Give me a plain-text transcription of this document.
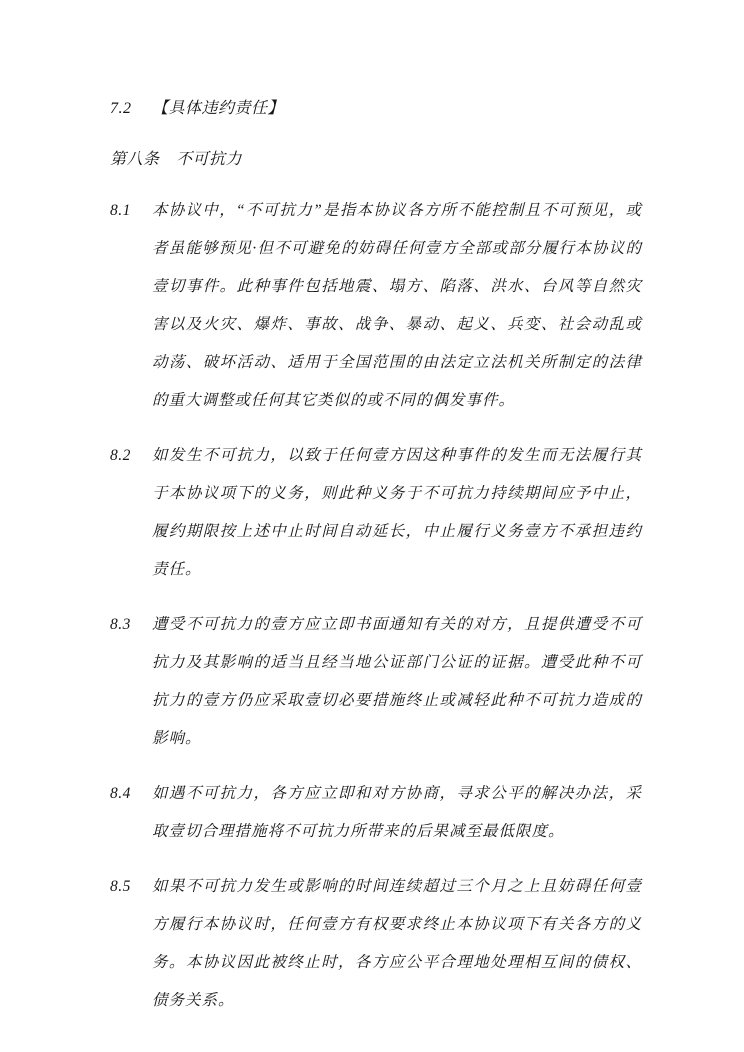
7.2	【具体违约责任】
第八条	不可抗力
8.1	本协议中，“不可抗力”是指本协议各方所不能控制且不可预见，或者虽能够预见·但不可避免的妨碍任何壹方全部或部分履行本协议的壹切事件。此种事件包括地震、塌方、陷落、洪水、台风等自然灾害以及火灾、爆炸、事故、战争、暴动、起义、兵变、社会动乱或动荡、破坏活动、适用于全国范围的由法定立法机关所制定的法律的重大调整或任何其它类似的或不同的偶发事件。
8.2	如发生不可抗力，以致于任何壹方因这种事件的发生而无法履行其于本协议项下的义务，则此种义务于不可抗力持续期间应予中止，履约期限按上述中止时间自动延长，中止履行义务壹方不承担违约责任。
8.3	遭受不可抗力的壹方应立即书面通知有关的对方，且提供遭受不可抗力及其影响的适当且经当地公证部门公证的证据。遭受此种不可抗力的壹方仍应采取壹切必要措施终止或减轻此种不可抗力造成的影响。
8.4	如遇不可抗力，各方应立即和对方协商，寻求公平的解决办法，采取壹切合理措施将不可抗力所带来的后果减至最低限度。
8.5	如果不可抗力发生或影响的时间连续超过三个月之上且妨碍任何壹方履行本协议时，任何壹方有权要求终止本协议项下有关各方的义务。本协议因此被终止时，各方应公平合理地处理相互间的债权、债务关系。
